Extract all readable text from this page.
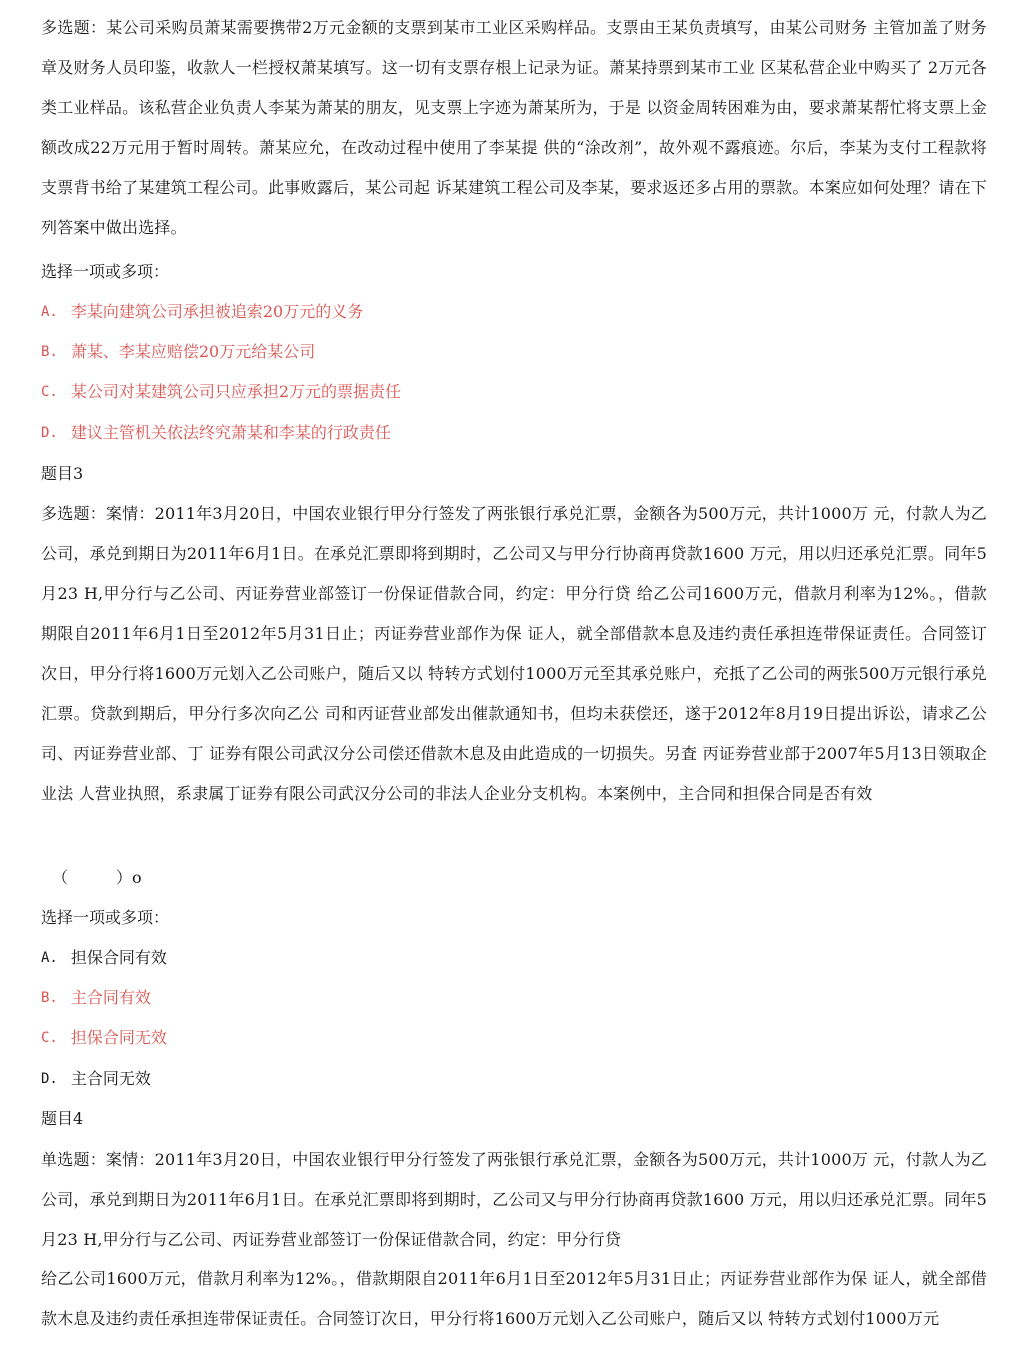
多选题：某公司采购员萧某需要携带2万元金额的支票到某市工业区采购样品。支票由王某负责填写，由某公司财务 主管加盖了财务章及财务人员印鉴，收款人一栏授权萧某填写。这一切有支票存根上记录为证。萧某持票到某市工业 区某私营企业中购买了 2万元各类工业样品。该私营企业负责人李某为萧某的朋友，见支票上字迹为萧某所为，于是 以资金周转困难为由，要求萧某帮忙将支票上金额改成22万元用于暂时周转。萧某应允，在改动过程中使用了李某提 供的“涂改剂”，故外观不露痕迹。尔后，李某为支付工程款将支票背书给了某建筑工程公司。此事败露后，某公司起 诉某建筑工程公司及李某，要求返还多占用的票款。本案应如何处理？请在下列答案中做出选择。
选择一项或多项：
A. 李某向建筑公司承担被追索20万元的义务
B. 萧某、李某应赔偿20万元给某公司
C. 某公司对某建筑公司只应承担2万元的票据责任
D. 建议主管机关依法终究萧某和李某的行政责任
题目3
多选题：案情：2011年3月20日，中国农业银行甲分行签发了两张银行承兑汇票，金额各为500万元，共计1000万 元，付款人为乙公司，承兑到期日为2011年6月1日。在承兑汇票即将到期时，乙公司又与甲分行协商再贷款1600 万元，用以归还承兑汇票。同年5月23 H,甲分行与乙公司、丙证券营业部签订一份保证借款合同，约定：甲分行贷 给乙公司1600万元，借款月利率为12%。，借款期限自2011年6月1日至2012年5月31日止；丙证券营业部作为保 证人，就全部借款本息及违约责任承担连带保证责任。合同签订次日，甲分行将1600万元划入乙公司账户，随后又以 特转方式划付1000万元至其承兑账户，充抵了乙公司的两张500万元银行承兑汇票。贷款到期后，甲分行多次向乙公 司和丙证营业部发出催款通知书，但均未获偿还，遂于2012年8月19日提出诉讼，请求乙公司、丙证券营业部、丁 证券有限公司武汉分公司偿还借款木息及由此造成的一切损失。另査 丙证券营业部于2007年5月13日领取企业法 人营业执照，系隶属丁证券有限公司武汉分公司的非法人企业分支机构。本案例中，主合同和担保合同是否有效
（　　　）o
选择一项或多项：
A. 担保合同有效
B. 主合同有效
C. 担保合同无效
D. 主合同无效
题目4
单选题：案情：2011年3月20日，中国农业银行甲分行签发了两张银行承兑汇票，金额各为500万元，共计1000万 元，付款人为乙公司，承兑到期日为2011年6月1日。在承兑汇票即将到期时，乙公司又与甲分行协商再贷款1600 万元，用以归还承兑汇票。同年5月23 H,甲分行与乙公司、丙证券营业部签订一份保证借款合同，约定：甲分行贷
给乙公司1600万元，借款月利率为12%。，借款期限自2011年6月1日至2012年5月31日止；丙证券营业部作为保 证人，就全部借款木息及违约责任承担连带保证责任。合同签订次日，甲分行将1600万元划入乙公司账户，随后又以 特转方式划付1000万元
